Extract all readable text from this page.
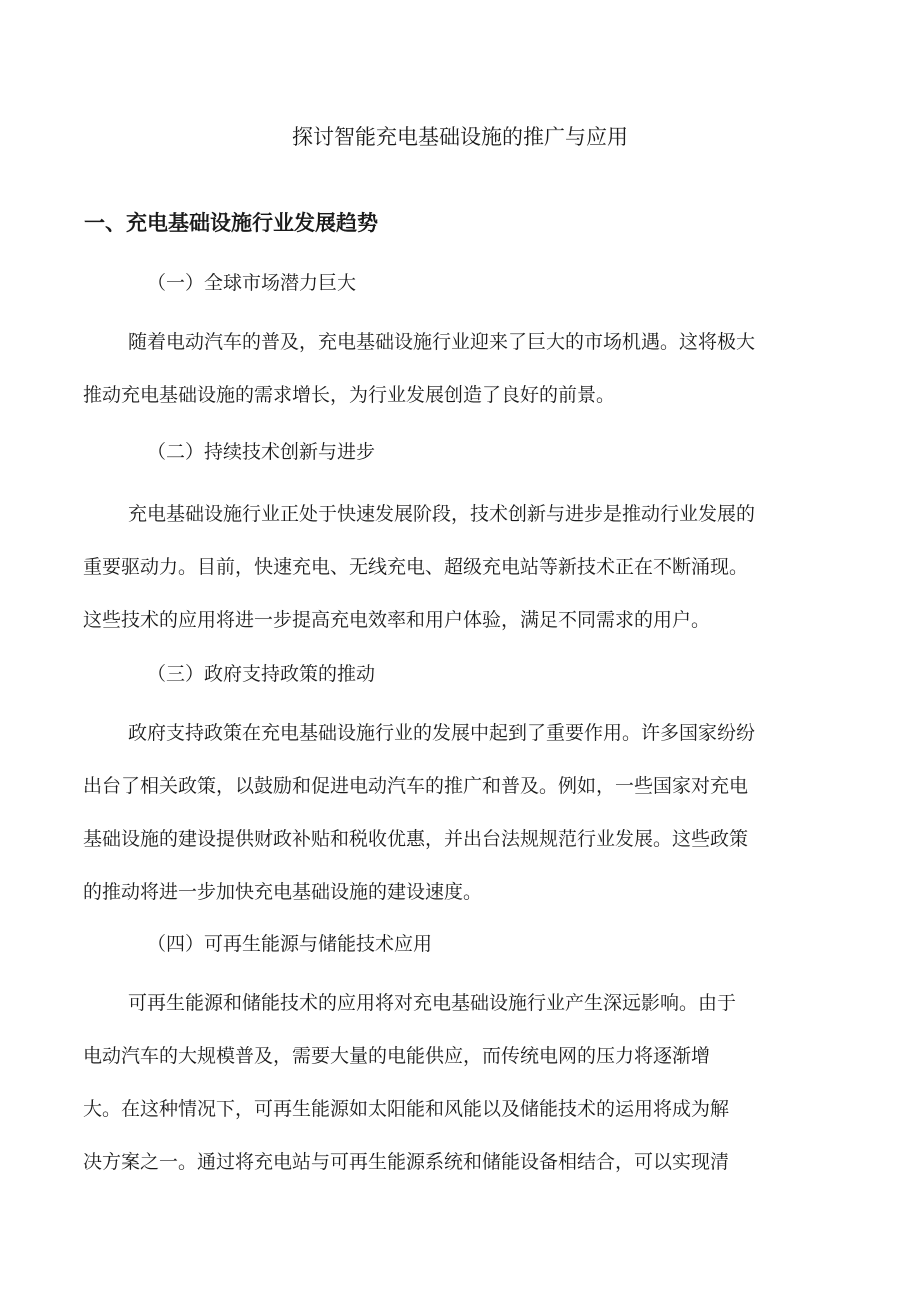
探讨智能充电基础设施的推广与应用
一、充电基础设施行业发展趋势
（一）全球市场潜力巨大
随着电动汽车的普及，充电基础设施行业迎来了巨大的市场机遇。这将极大
推动充电基础设施的需求增长，为行业发展创造了良好的前景。
（二）持续技术创新与进步
充电基础设施行业正处于快速发展阶段，技术创新与进步是推动行业发展的
重要驱动力。目前，快速充电、无线充电、超级充电站等新技术正在不断涌现。
这些技术的应用将进一步提高充电效率和用户体验，满足不同需求的用户。
（三）政府支持政策的推动
政府支持政策在充电基础设施行业的发展中起到了重要作用。许多国家纷纷
出台了相关政策，以鼓励和促进电动汽车的推广和普及。例如，一些国家对充电
基础设施的建设提供财政补贴和税收优惠，并出台法规规范行业发展。这些政策
的推动将进一步加快充电基础设施的建设速度。
（四）可再生能源与储能技术应用
可再生能源和储能技术的应用将对充电基础设施行业产生深远影响。由于
电动汽车的大规模普及，需要大量的电能供应，而传统电网的压力将逐渐增
大。在这种情况下，可再生能源如太阳能和风能以及储能技术的运用将成为解
决方案之一。通过将充电站与可再生能源系统和储能设备相结合，可以实现清
